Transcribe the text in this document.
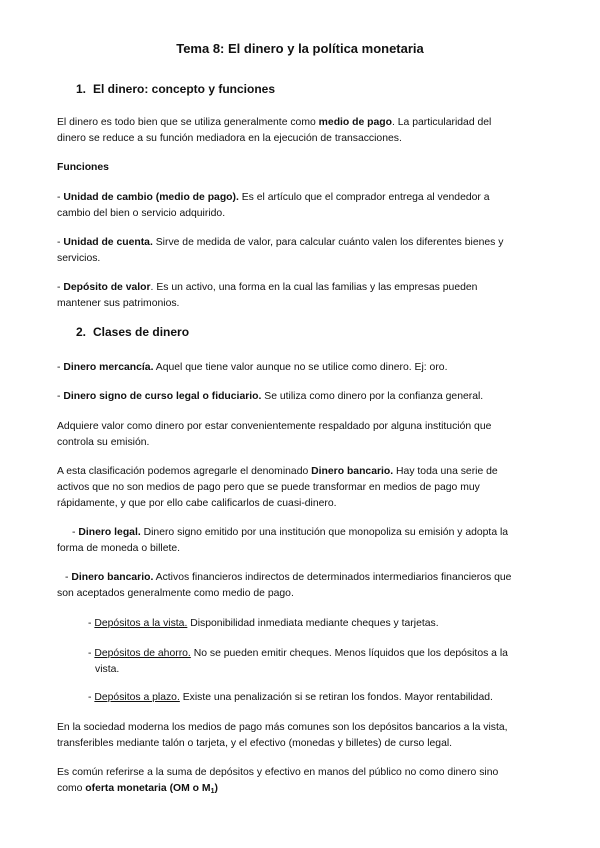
Tema 8: El dinero y la política monetaria
1. El dinero: concepto y funciones
El dinero es todo bien que se utiliza generalmente como medio de pago. La particularidad del
dinero se reduce a su función mediadora en la ejecución de transacciones.
Funciones
- Unidad de cambio (medio de pago). Es el artículo que el comprador entrega al vendedor a
cambio del bien o servicio adquirido.
- Unidad de cuenta. Sirve de medida de valor, para calcular cuánto valen los diferentes bienes y
servicios.
- Depósito de valor. Es un activo, una forma en la cual las familias y las empresas pueden
mantener sus patrimonios.
2. Clases de dinero
- Dinero mercancía. Aquel que tiene valor aunque no se utilice como dinero. Ej: oro.
- Dinero signo de curso legal o fiduciario. Se utiliza como dinero por la confianza general.
Adquiere valor como dinero por estar convenientemente respaldado por alguna institución que
controla su emisión.
A esta clasificación podemos agregarle el denominado Dinero bancario. Hay toda una serie de
activos que no son medios de pago pero que se puede transformar en medios de pago muy
rápidamente, y que por ello cabe calificarlos de cuasi-dinero.
- Dinero legal. Dinero signo emitido por una institución que monopoliza su emisión y adopta la
forma de moneda o billete.
- Dinero bancario. Activos financieros indirectos de determinados intermediarios financieros que
son aceptados generalmente como medio de pago.
- Depósitos a la vista. Disponibilidad inmediata mediante cheques y tarjetas.
- Depósitos de ahorro. No se pueden emitir cheques. Menos líquidos que los depósitos a la
vista.
- Depósitos a plazo. Existe una penalización si se retiran los fondos. Mayor rentabilidad.
En la sociedad moderna los medios de pago más comunes son los depósitos bancarios a la vista,
transferibles mediante talón o tarjeta, y el efectivo (monedas y billetes) de curso legal.
Es común referirse a la suma de depósitos y efectivo en manos del público no como dinero sino
como oferta monetaria (OM o $M_1$)
